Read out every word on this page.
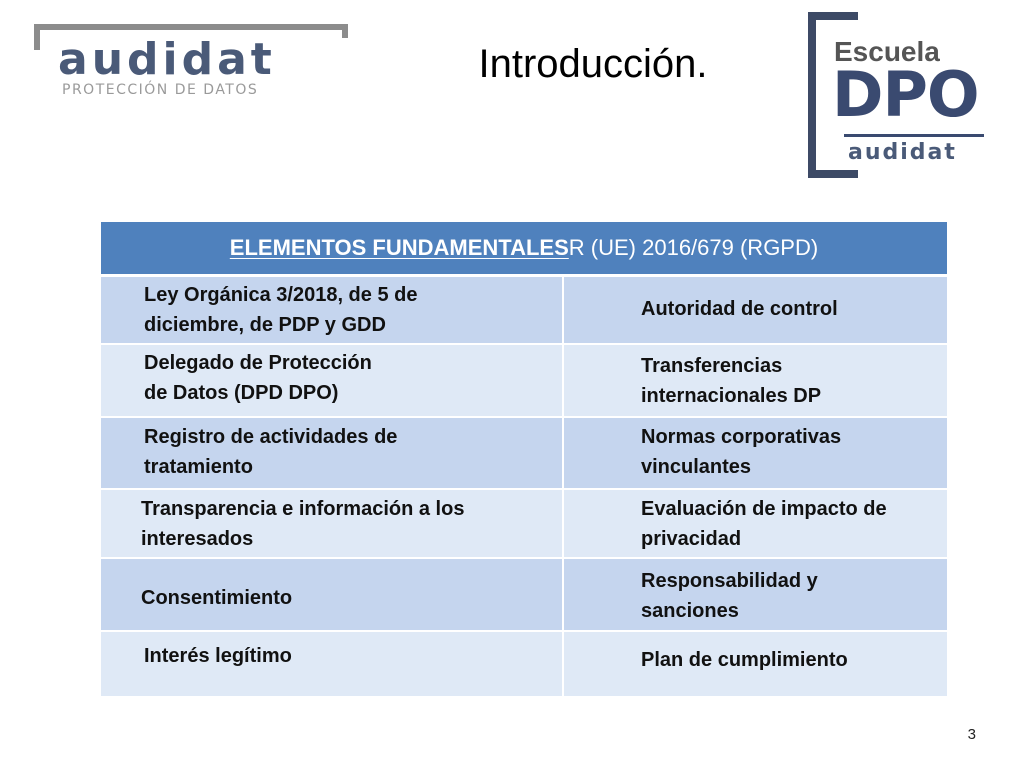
audidat
PROTECCIÓN DE DATOS
Introducción.	Escuela
DPO
audidat
ELEMENTOS FUNDAMENTALES R (UE) 2016/679 (RGPD)
Ley Orgánica 3/2018, de 5 de diciembre, de PDP y GDD
Autoridad de control
Delegado de Protección de Datos (DPD DPO)
Transferencias internacionales DP
Registro de actividades de tratamiento
Normas corporativas vinculantes
Transparencia e información a los interesados
Evaluación de impacto de privacidad
Consentimiento
Responsabilidad y sanciones
Interés legítimo	Plan de cumplimiento
3
